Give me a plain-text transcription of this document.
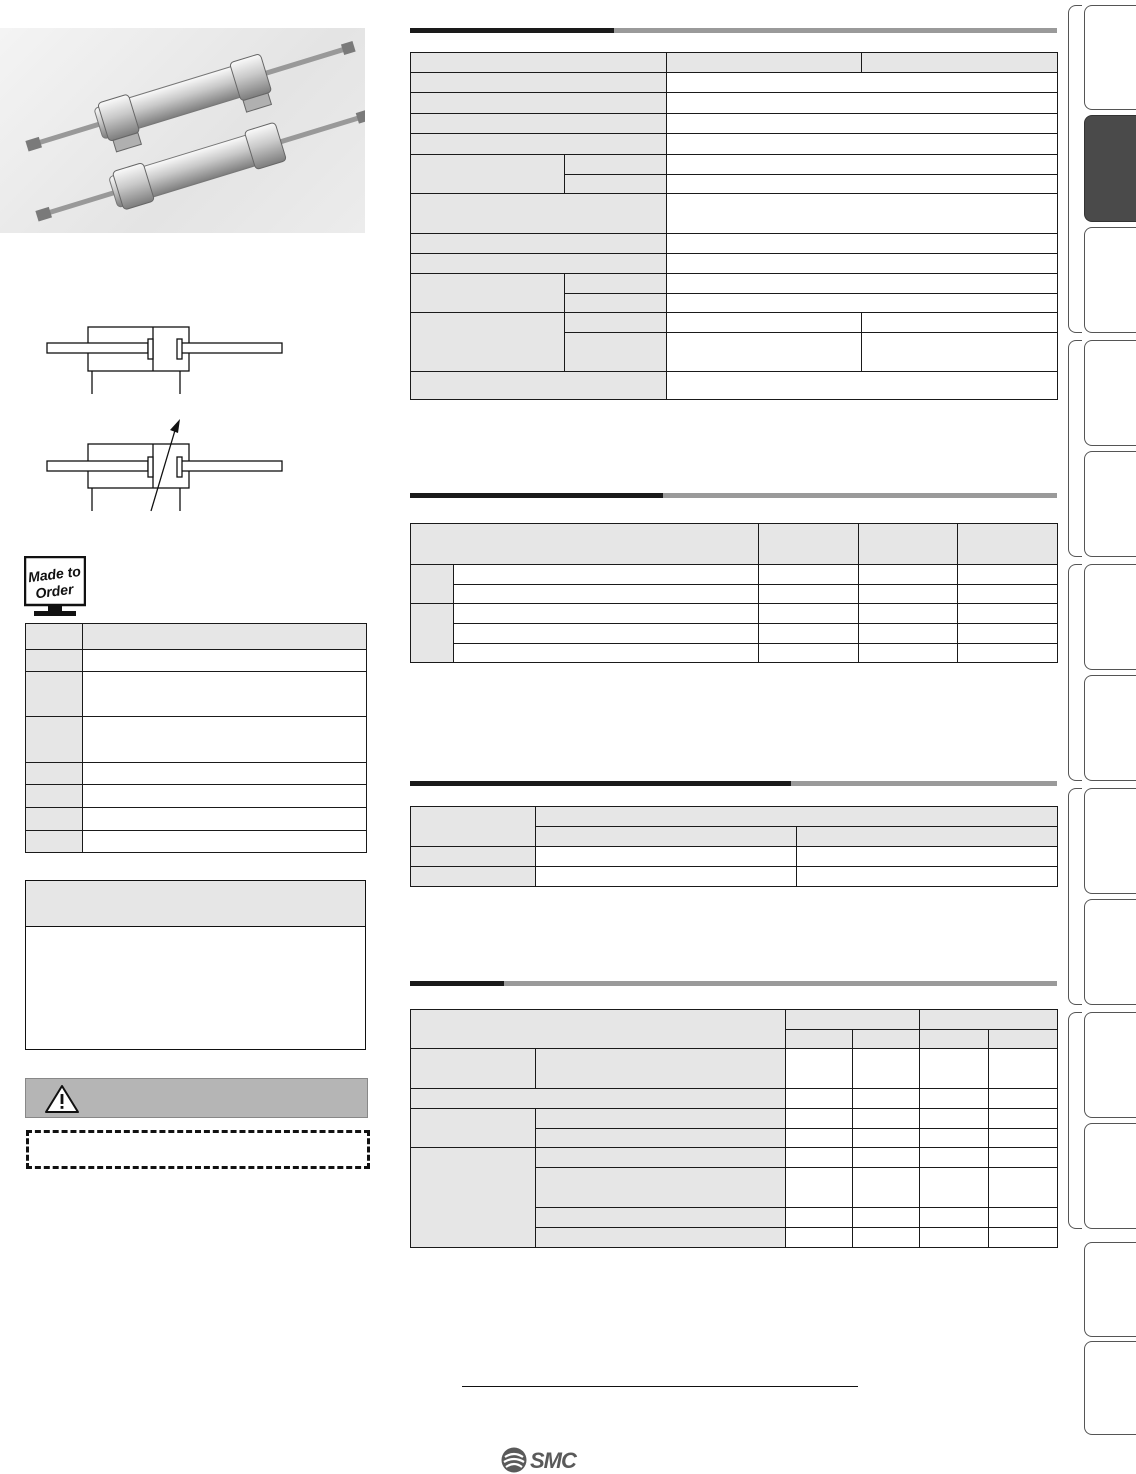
Made to
Order

SMC
